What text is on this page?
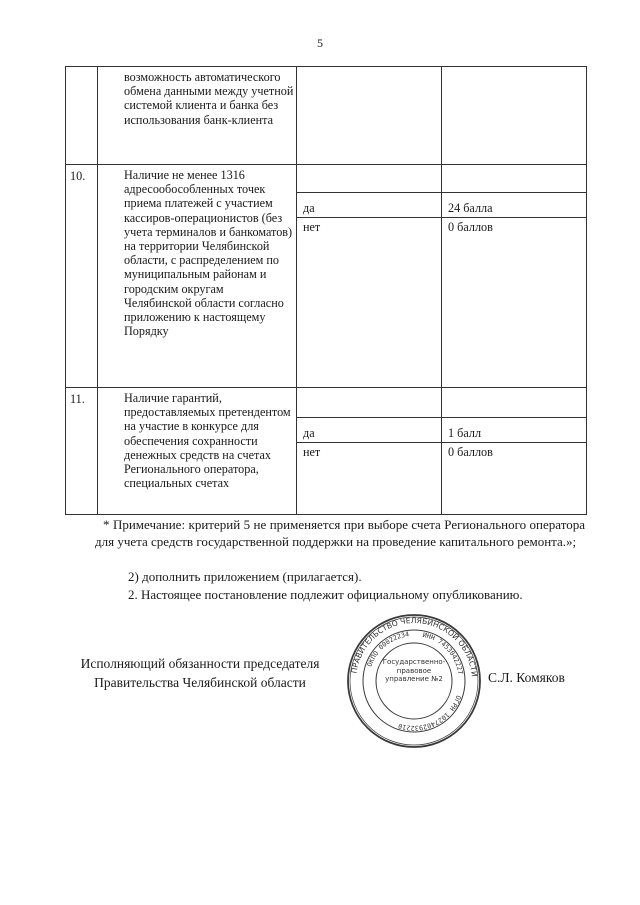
5
	возможность автоматического обмена данными между учетной системой клиента и банка без использования банк-клиента		
10.	Наличие не менее 1316 адресообособленных точек приема платежей с участием кассиров-операционистов (без учета терминалов и банкоматов) на территории Челябинской области, с распределением по муниципальным районам и городским округам Челябинской области согласно приложению к настоящему Порядку		
		да	24 балла
		нет	0 баллов
11.	Наличие гарантий, предоставляемых претендентом на участие в конкурсе для обеспечения сохранности денежных средств на счетах Регионального оператора, специальных счетах		
		да	1 балл
		нет	0 баллов
* Примечание: критерий 5 не применяется при выборе счета Регионального оператора для учета средств государственной поддержки на проведение капитального ремонта.»;
2) дополнить приложением (прилагается).
2. Настоящее постановление подлежит официальному опубликованию.
Исполняющий обязанности председателя
Правительства Челябинской области
ПРАВИТЕЛЬСТВО ЧЕЛЯБИНСКОЙ ОБЛАСТИ
ОГРН 1027402932210
ОКПО 00022234 ИНН 7453042227
Государственно-правовое управление №2	С.Л. Комяков
